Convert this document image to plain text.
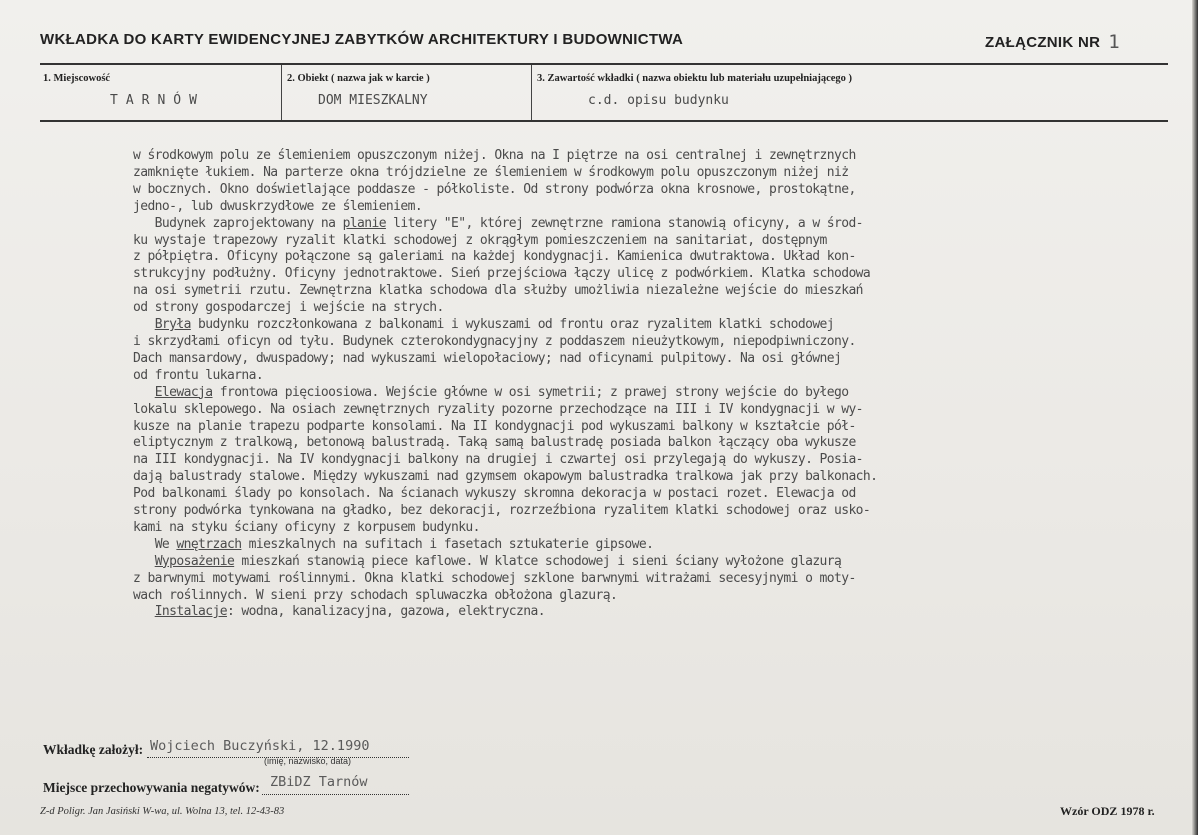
WKŁADKA DO KARTY EWIDENCYJNEJ ZABYTKÓW ARCHITEKTURY I BUDOWNICTWA	ZAŁĄCZNIK NR 1
1. Miejscowość	2. Obiekt ( nazwa jak w karcie )	3. Zawartość wkładki ( nazwa obiektu lub materiału uzupełniającego )
TARNÓW	DOM MIESZKALNY	c.d. opisu budynku
w środkowym polu ze ślemieniem opuszczonym niżej. Okna na I piętrze na osi centralnej i zewnętrznych
zamknięte łukiem. Na parterze okna trójdzielne ze ślemieniem w środkowym polu opuszczonym niżej niż
w bocznych. Okno doświetlające poddasze - półkoliste. Od strony podwórza okna krosnowe, prostokątne,
jedno-, lub dwuskrzydłowe ze ślemieniem.
Budynek zaprojektowany na planie litery "E", której zewnętrzne ramiona stanowią oficyny, a w środ-
ku wystaje trapezowy ryzalit klatki schodowej z okrągłym pomieszczeniem na sanitariat, dostępnym
z półpiętra. Oficyny połączone są galeriami na każdej kondygnacji. Kamienica dwutraktowa. Układ kon-
strukcyjny podłużny. Oficyny jednotraktowe. Sień przejściowa łączy ulicę z podwórkiem. Klatka schodowa
na osi symetrii rzutu. Zewnętrzna klatka schodowa dla służby umożliwia niezależne wejście do mieszkań
od strony gospodarczej i wejście na strych.
Bryła budynku rozczłonkowana z balkonami i wykuszami od frontu oraz ryzalitem klatki schodowej
i skrzydłami oficyn od tyłu. Budynek czterokondygnacyjny z poddaszem nieużytkowym, niepodpiwniczony.
Dach mansardowy, dwuspadowy; nad wykuszami wielopołaciowy; nad oficynami pulpitowy. Na osi głównej
od frontu lukarna.
Elewacja frontowa pięcioosiowa. Wejście główne w osi symetrii; z prawej strony wejście do byłego
lokalu sklepowego. Na osiach zewnętrznych ryzality pozorne przechodzące na III i IV kondygnacji w wy-
kusze na planie trapezu podparte konsolami. Na II kondygnacji pod wykuszami balkony w kształcie pół-
eliptycznym z tralkową, betonową balustradą. Taką samą balustradę posiada balkon łączący oba wykusze
na III kondygnacji. Na IV kondygnacji balkony na drugiej i czwartej osi przylegają do wykuszy. Posia-
dają balustrady stalowe. Między wykuszami nad gzymsem okapowym balustradka tralkowa jak przy balkonach.
Pod balkonami ślady po konsolach. Na ścianach wykuszy skromna dekoracja w postaci rozet. Elewacja od
strony podwórka tynkowana na gładko, bez dekoracji, rozrzeźbiona ryzalitem klatki schodowej oraz usko-
kami na styku ściany oficyny z korpusem budynku.
We wnętrzach mieszkalnych na sufitach i fasetach sztukaterie gipsowe.
Wyposażenie mieszkań stanowią piece kaflowe. W klatce schodowej i sieni ściany wyłożone glazurą
z barwnymi motywami roślinnymi. Okna klatki schodowej szklone barwnymi witrażami secesyjnymi o moty-
wach roślinnych. W sieni przy schodach spluwaczka obłożona glazurą.
Instalacje: wodna, kanalizacyjna, gazowa, elektryczna.
Wkładkę założył: Wojciech Buczyński, 12.1990
(imię, nazwisko, data)
Miejsce przechowywania negatywów: ZBiDZ Tarnów
Z-d Poligr. Jan Jasiński W-wa, ul. Wolna 13, tel. 12-43-83	Wzór ODZ 1978 r.
